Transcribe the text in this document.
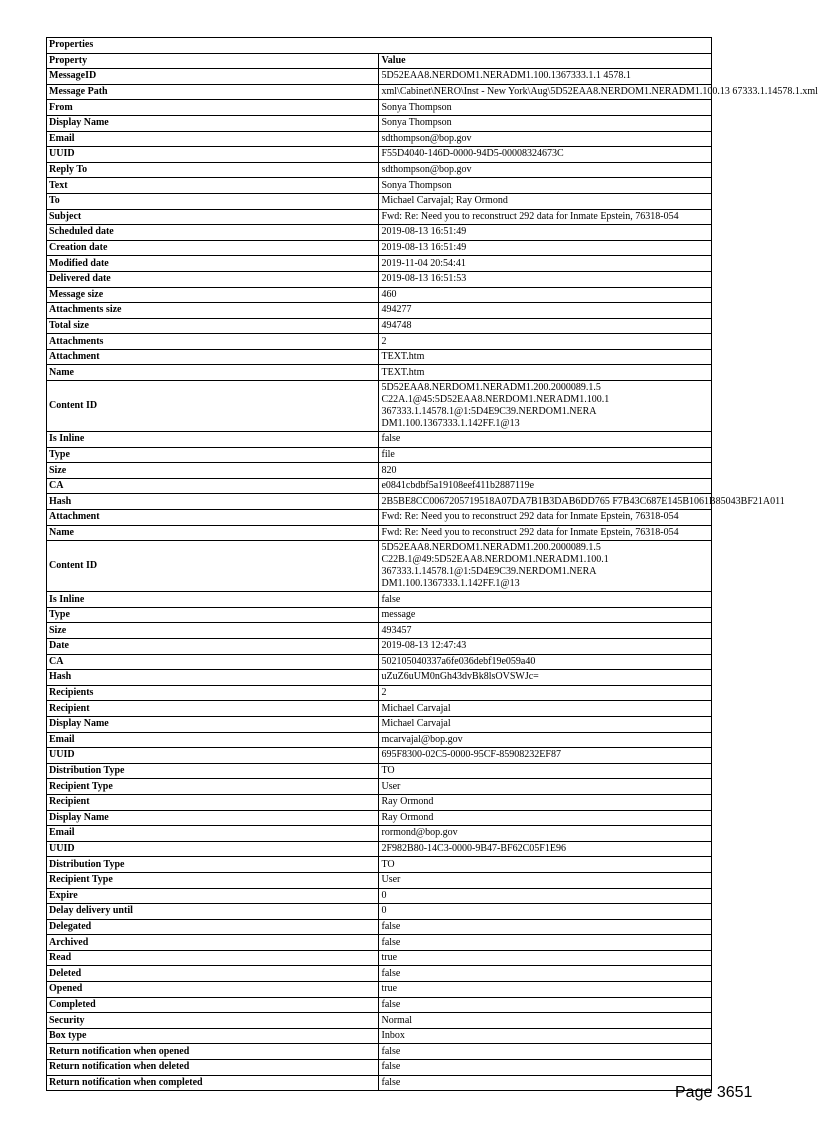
Properties	
Property	Value
MessageID	5D52EAA8.NERDOM1.NERADM1.100.1367333.1.1 4578.1
Message Path	xml\Cabinet\NERO\Inst - New York\Aug\5D52EAA8.NERDOM1.NERADM1.100.13 67333.1.14578.1.xml
From	Sonya Thompson
Display Name	Sonya Thompson
Email	sdthompson@bop.gov
UUID	F55D4040-146D-0000-94D5-00008324673C
Reply To	sdthompson@bop.gov
Text	Sonya Thompson
To	Michael Carvajal; Ray Ormond
Subject	Fwd: Re: Need you to reconstruct 292 data for Inmate Epstein, 76318-054
Scheduled date	2019-08-13 16:51:49
Creation date	2019-08-13 16:51:49
Modified date	2019-11-04 20:54:41
Delivered date	2019-08-13 16:51:53
Message size	460
Attachments size	494277
Total size	494748
Attachments	2
Attachment	TEXT.htm
Name	TEXT.htm
Content ID	5D52EAA8.NERDOM1.NERADM1.200.2000089.1.5
C22A.1@45:5D52EAA8.NERDOM1.NERADM1.100.1
367333.1.14578.1@1:5D4E9C39.NERDOM1.NERA DM1.100.1367333.1.142FF.1@13

Is Inline	false
Type	file
Size	820
CA	e0841cbdbf5a19108eef411b2887119e
Hash	2B5BE8CC0067205719518A07DA7B1B3DAB6DD765 F7B43C687E145B1061B85043BF21A011
Attachment	Fwd: Re: Need you to reconstruct 292 data for Inmate Epstein, 76318-054
Name	Fwd: Re: Need you to reconstruct 292 data for Inmate Epstein, 76318-054
Content ID	5D52EAA8.NERDOM1.NERADM1.200.2000089.1.5
C22B.1@49:5D52EAA8.NERDOM1.NERADM1.100.1
367333.1.14578.1@1:5D4E9C39.NERDOM1.NERA DM1.100.1367333.1.142FF.1@13

Is Inline	false
Type	message
Size	493457
Date	2019-08-13 12:47:43
CA	502105040337a6fe036debf19e059a40
Hash	uZuZ6uUM0nGh43dvBk8lsOVSWJc=
Recipients	2
Recipient	Michael Carvajal
Display Name	Michael Carvajal
Email	mcarvajal@bop.gov
UUID	695F8300-02C5-0000-95CF-85908232EF87
Distribution Type	TO
Recipient Type	User
Recipient	Ray Ormond
Display Name	Ray Ormond
Email	rormond@bop.gov
UUID	2F982B80-14C3-0000-9B47-BF62C05F1E96
Distribution Type	TO
Recipient Type	User
Expire	0
Delay delivery until	0
Delegated	false
Archived	false
Read	true
Deleted	false
Opened	true
Completed	false
Security	Normal
Box type	Inbox
Return notification when opened	false
Return notification when deleted	false
Return notification when completed	false
Page 3651
